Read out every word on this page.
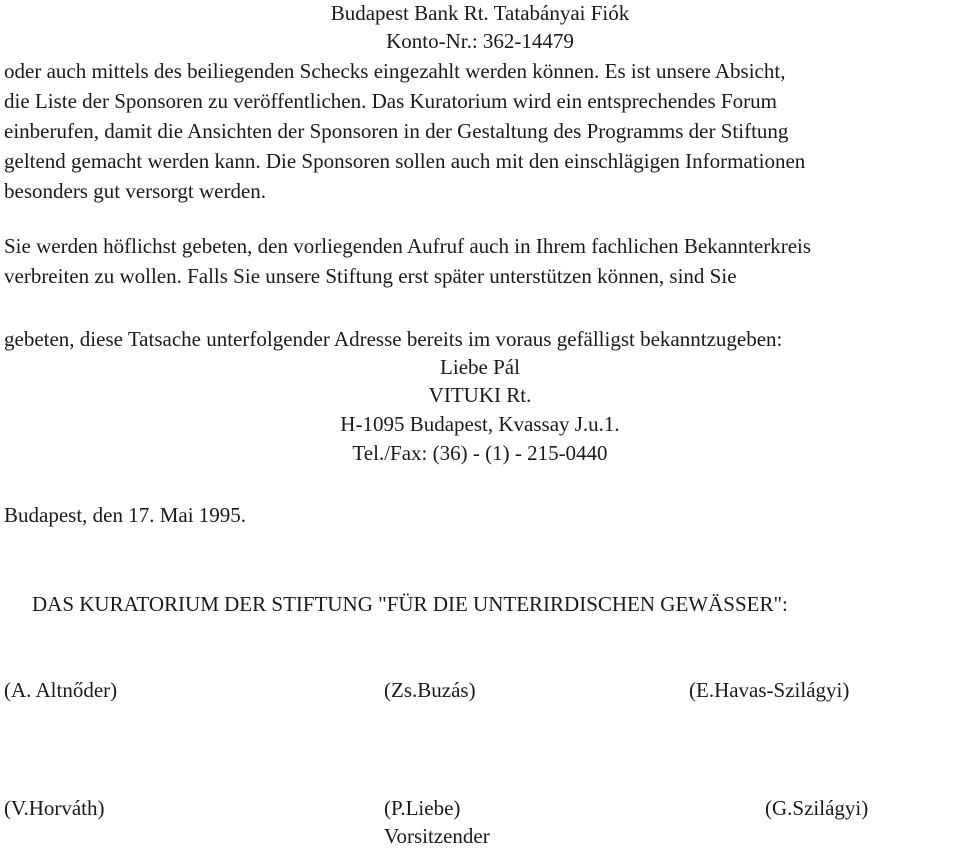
Budapest Bank Rt. Tatabányai Fiók
Konto-Nr.: 362-14479
oder auch mittels des beiliegenden Schecks eingezahlt werden können. Es ist unsere Absicht,
die Liste der Sponsoren zu veröffentlichen. Das Kuratorium wird ein entsprechendes Forum
einberufen, damit die Ansichten der Sponsoren in der Gestaltung des Programms der Stiftung
geltend gemacht werden kann. Die Sponsoren sollen auch mit den einschlägigen Informationen
besonders gut versorgt werden.
Sie werden höflichst gebeten, den vorliegenden Aufruf auch in Ihrem fachlichen Bekannterkreis
verbreiten zu wollen. Falls Sie unsere Stiftung erst später unterstützen können, sind Sie
gebeten, diese Tatsache unterfolgender Adresse bereits im voraus gefälligst bekanntzugeben:
Liebe Pál
VITUKI Rt.
H-1095 Budapest, Kvassay J.u.1.
Tel./Fax: (36) - (1) - 215-0440
Budapest, den 17. Mai 1995.
DAS KURATORIUM DER STIFTUNG "FÜR DIE UNTERIRDISCHEN GEWÄSSER":
(A. Altnőder)	(Zs.Buzás)	(E.Havas-Szilágyi)
(V.Horváth)	(P.Liebe)	(G.Szilágyi)
Vorsitzender
